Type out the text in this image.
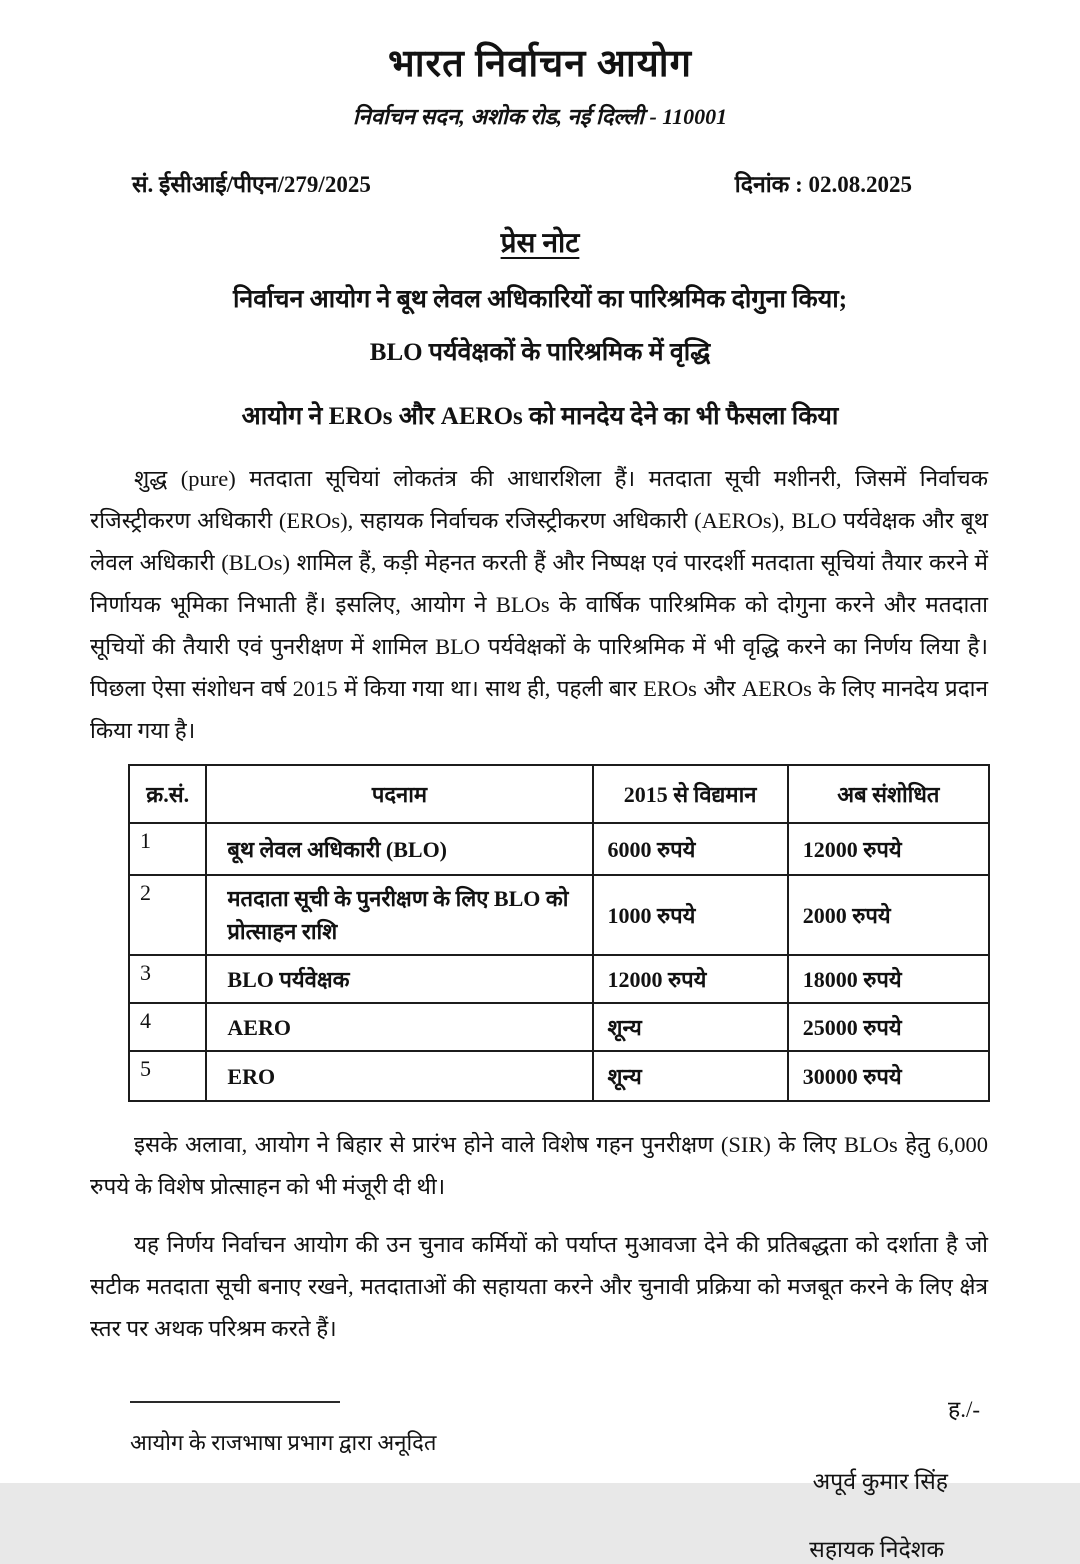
भारत निर्वाचन आयोग
निर्वाचन सदन, अशोक रोड, नई दिल्ली - 110001
सं. ईसीआई/पीएन/279/2025	दिनांक : 02.08.2025
प्रेस नोट
निर्वाचन आयोग ने बूथ लेवल अधिकारियों का पारिश्रमिक दोगुना किया;
BLO पर्यवेक्षकों के पारिश्रमिक में वृद्धि
आयोग ने EROs और AEROs को मानदेय देने का भी फैसला किया

शुद्ध (pure) मतदाता सूचियां लोकतंत्र की आधारशिला हैं। मतदाता सूची मशीनरी, जिसमें निर्वाचक रजिस्ट्रीकरण अधिकारी (EROs), सहायक निर्वाचक रजिस्ट्रीकरण अधिकारी (AEROs), BLO पर्यवेक्षक और बूथ लेवल अधिकारी (BLOs) शामिल हैं, कड़ी मेहनत करती हैं और निष्पक्ष एवं पारदर्शी मतदाता सूचियां तैयार करने में निर्णायक भूमिका निभाती हैं। इसलिए, आयोग ने BLOs के वार्षिक पारिश्रमिक को दोगुना करने और मतदाता सूचियों की तैयारी एवं पुनरीक्षण में शामिल BLO पर्यवेक्षकों के पारिश्रमिक में भी वृद्धि करने का निर्णय लिया है। पिछला ऐसा संशोधन वर्ष 2015 में किया गया था। साथ ही, पहली बार EROs और AEROs के लिए मानदेय प्रदान किया गया है।

क्र.सं.	पदनाम	2015 से विद्यमान	अब संशोधित
1	बूथ लेवल अधिकारी (BLO)	6000 रुपये	12000 रुपये
2	मतदाता सूची के पुनरीक्षण के लिए BLO को प्रोत्साहन राशि	1000 रुपये	2000 रुपये
3	BLO पर्यवेक्षक	12000 रुपये	18000 रुपये
4	AERO	शून्य	25000 रुपये
5	ERO	शून्य	30000 रुपये

इसके अलावा, आयोग ने बिहार से प्रारंभ होने वाले विशेष गहन पुनरीक्षण (SIR) के लिए BLOs हेतु 6,000 रुपये के विशेष प्रोत्साहन को भी मंजूरी दी थी।

यह निर्णय निर्वाचन आयोग की उन चुनाव कर्मियों को पर्याप्त मुआवजा देने की प्रतिबद्धता को दर्शाता है जो सटीक मतदाता सूची बनाए रखने, मतदाताओं की सहायता करने और चुनावी प्रक्रिया को मजबूत करने के लिए क्षेत्र स्तर पर अथक परिश्रम करते हैं।

ह./-
अपूर्व कुमार सिंह
सहायक निदेशक
आयोग के राजभाषा प्रभाग द्वारा अनूदित
